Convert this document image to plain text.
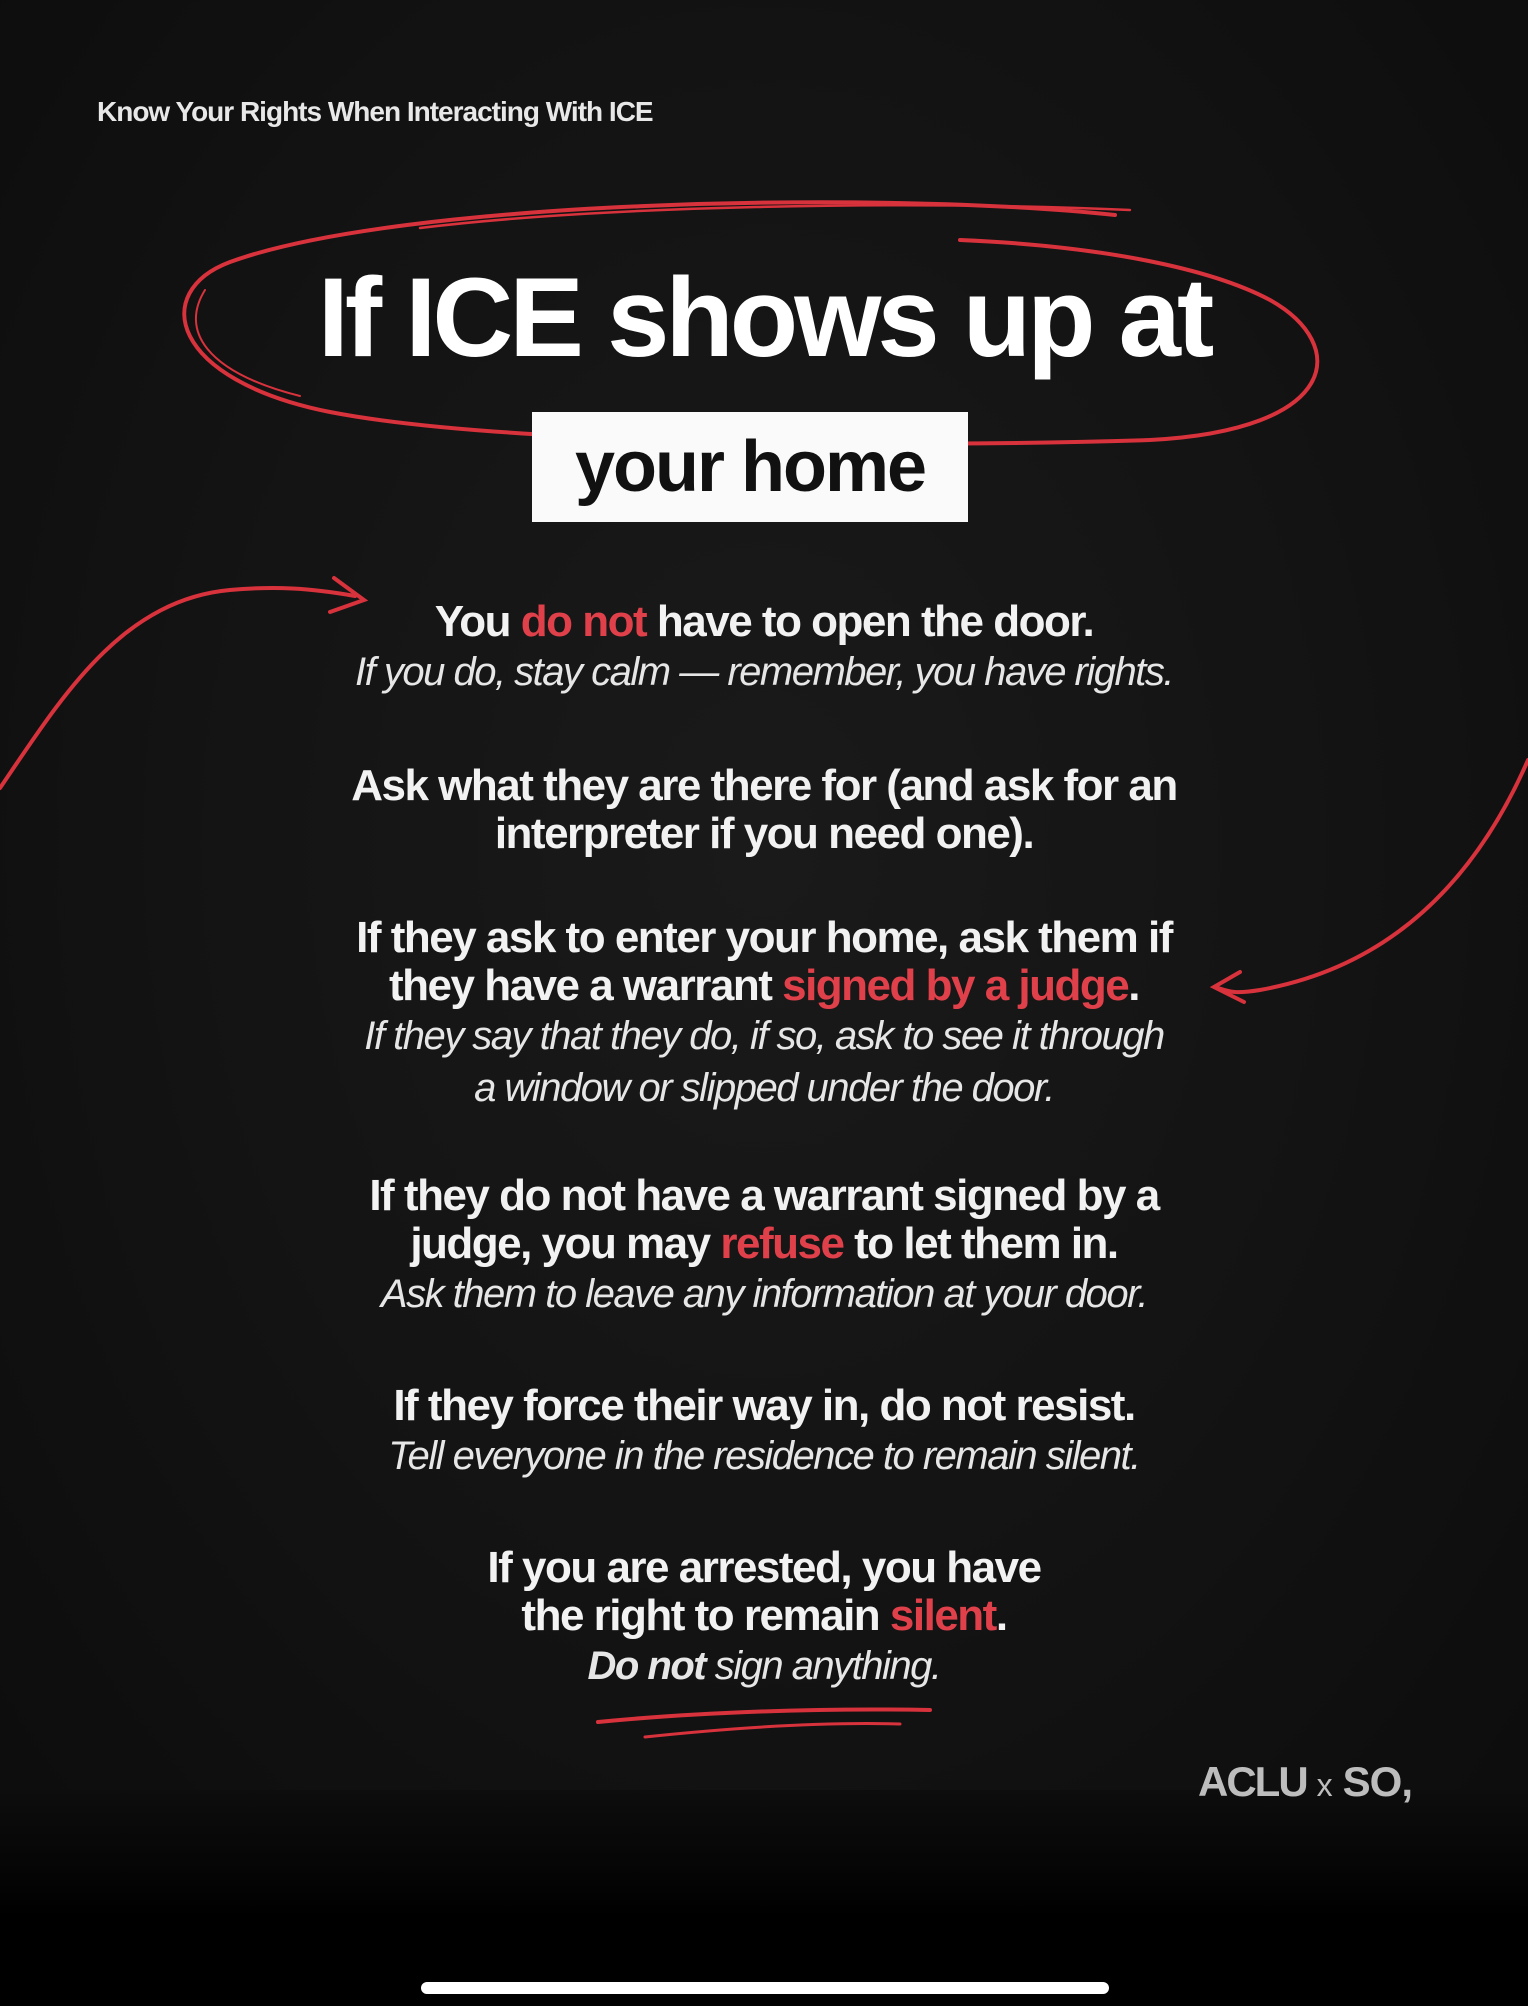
Know Your Rights When Interacting With ICE
If ICE shows up at
your home
You do not have to open the door.
If you do, stay calm — remember, you have rights.
Ask what they are there for (and ask for an
interpreter if you need one).
If they ask to enter your home, ask them if
they have a warrant signed by a judge.
If they say that they do, if so, ask to see it through
a window or slipped under the door.
If they do not have a warrant signed by a
judge, you may refuse to let them in.
Ask them to leave any information at your door.
If they force their way in, do not resist.
Tell everyone in the residence to remain silent.
If you are arrested, you have
the right to remain silent.
Do not sign anything.
ACLU x SO,
